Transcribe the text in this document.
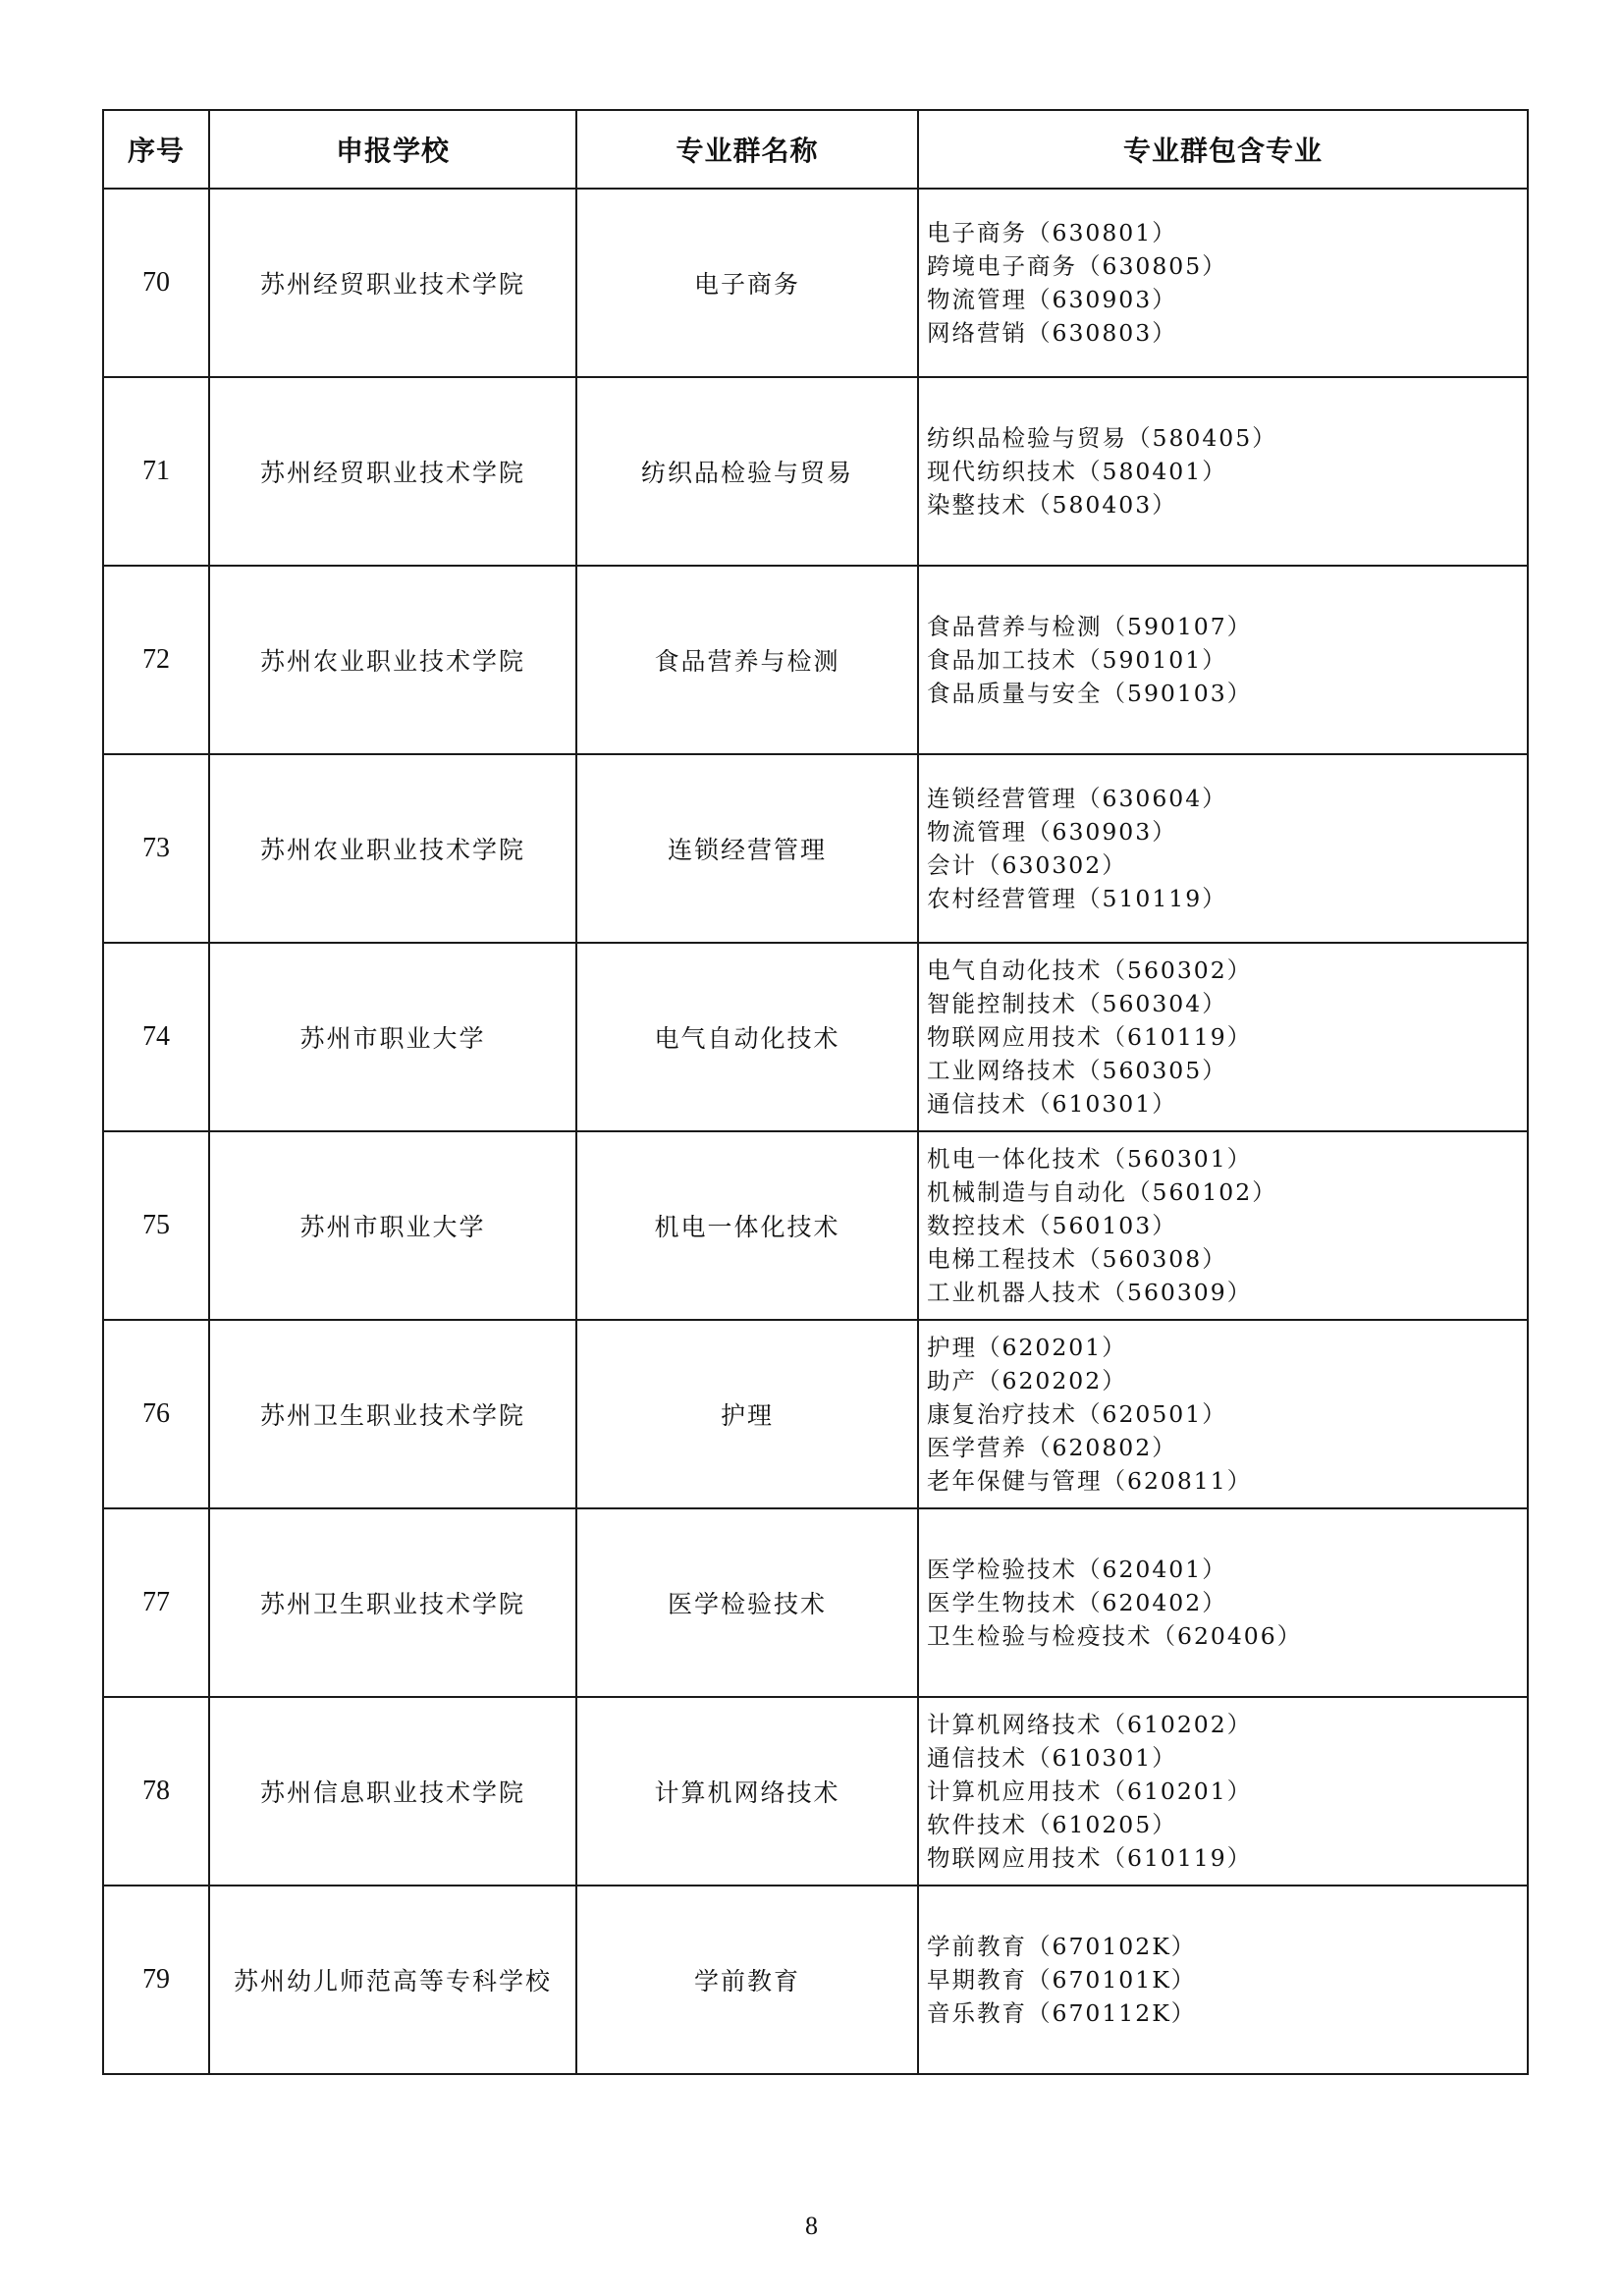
序号	申报学校	专业群名称	专业群包含专业
70	苏州经贸职业技术学院	电子商务	电子商务（630801）
跨境电子商务（630805）
物流管理（630903）
网络营销（630803）

71	苏州经贸职业技术学院	纺织品检验与贸易	纺织品检验与贸易（580405）
现代纺织技术（580401）
染整技术（580403）

72	苏州农业职业技术学院	食品营养与检测	食品营养与检测（590107）
食品加工技术（590101）
食品质量与安全（590103）

73	苏州农业职业技术学院	连锁经营管理	连锁经营管理（630604）
物流管理（630903）
会计（630302）
农村经营管理（510119）

74	苏州市职业大学	电气自动化技术	电气自动化技术（560302）
智能控制技术（560304）
物联网应用技术（610119）
工业网络技术（560305）
通信技术（610301）

75	苏州市职业大学	机电一体化技术	机电一体化技术（560301）
机械制造与自动化（560102）
数控技术（560103）
电梯工程技术（560308）
工业机器人技术（560309）

76	苏州卫生职业技术学院	护理	护理（620201）
助产（620202）
康复治疗技术（620501）
医学营养（620802）
老年保健与管理（620811）

77	苏州卫生职业技术学院	医学检验技术	医学检验技术（620401）
医学生物技术（620402）
卫生检验与检疫技术（620406）

78	苏州信息职业技术学院	计算机网络技术	计算机网络技术（610202）
通信技术（610301）
计算机应用技术（610201）
软件技术（610205）
物联网应用技术（610119）

79	苏州幼儿师范高等专科学校	学前教育	学前教育（670102K）
早期教育（670101K）
音乐教育（670112K）
8
